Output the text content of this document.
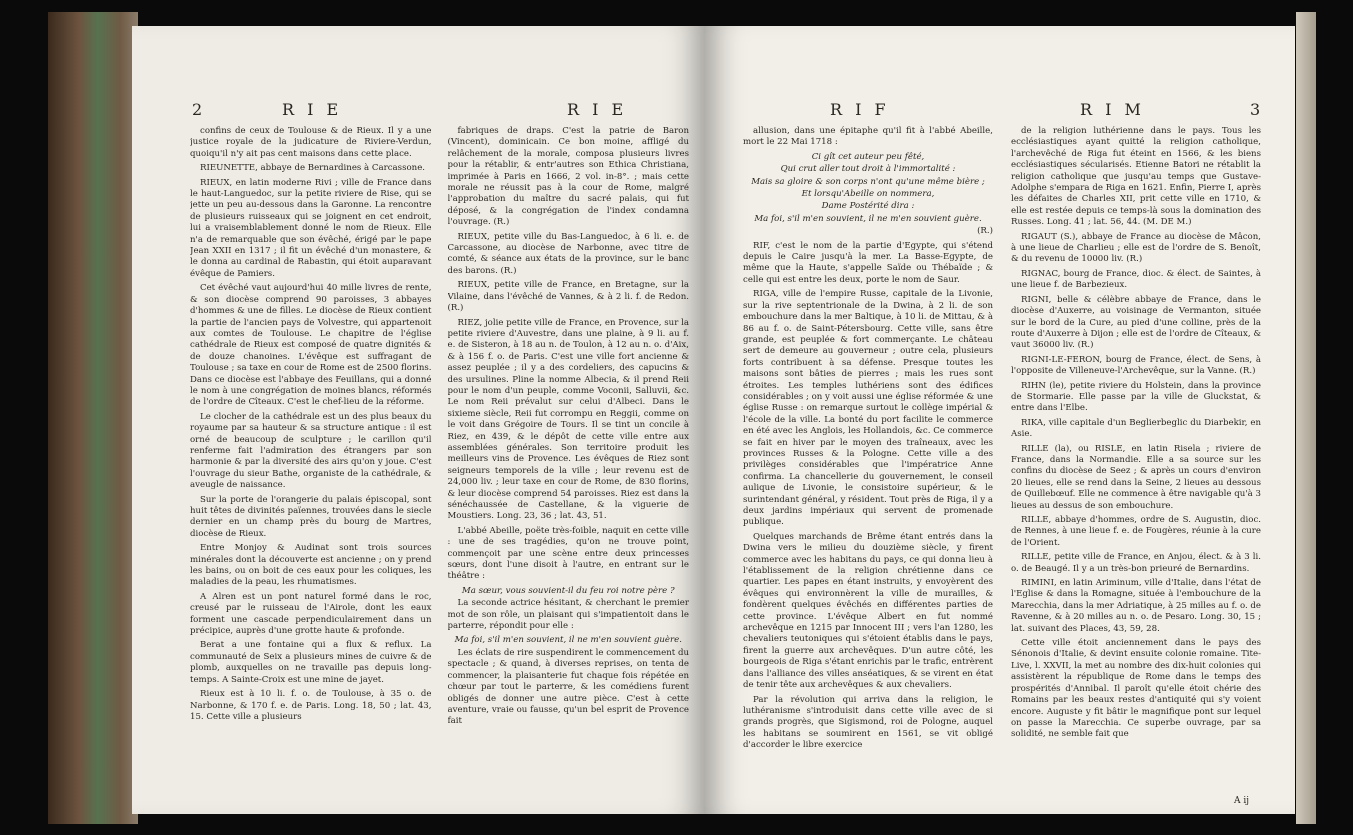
2	R I E	R I E

confins de ceux de Toulouse & de Rieux. Il y a une justice royale de la judicature de Riviere-Verdun, quoiqu'il n'y ait pas cent maisons dans cette place.

RIEUNETTE, abbaye de Bernardines à Carcassone.

RIEUX, en latin moderne Rivi ; ville de France dans le haut-Languedoc, sur la petite riviere de Rise, qui se jette un peu au-dessous dans la Garonne. La rencontre de plusieurs ruisseaux qui se joignent en cet endroit, lui a vraisemblablement donné le nom de Rieux. Elle n'a de remarquable que son évêché, érigé par le pape Jean XXII en 1317 ; il fit un évêché d'un monastere, & le donna au cardinal de Rabastin, qui étoit auparavant évêque de Pamiers.

Cet évêché vaut aujourd'hui 40 mille livres de rente, & son diocèse comprend 90 paroisses, 3 abbayes d'hommes & une de filles. Le diocèse de Rieux contient la partie de l'ancien pays de Volvestre, qui appartenoit aux comtes de Toulouse. Le chapitre de l'église cathédrale de Rieux est composé de quatre dignités & de douze chanoines. L'évêque est suffragant de Toulouse ; sa taxe en cour de Rome est de 2500 florins. Dans ce diocèse est l'abbaye des Feuillans, qui a donné le nom à une congrégation de moines blancs, réformés de l'ordre de Cîteaux. C'est le chef-lieu de la réforme.

Le clocher de la cathédrale est un des plus beaux du royaume par sa hauteur & sa structure antique : il est orné de beaucoup de sculpture ; le carillon qu'il renferme fait l'admiration des étrangers par son harmonie & par la diversité des airs qu'on y joue. C'est l'ouvrage du sieur Bathe, organiste de la cathédrale, & aveugle de naissance.

Sur la porte de l'orangerie du palais épiscopal, sont huit têtes de divinités païennes, trouvées dans le siecle dernier en un champ près du bourg de Martres, diocèse de Rieux.

Entre Monjoy & Audinat sont trois sources minérales dont la découverte est ancienne ; on y prend les bains, ou on boit de ces eaux pour les coliques, les maladies de la peau, les rhumatismes.

A Alren est un pont naturel formé dans le roc, creusé par le ruisseau de l'Airole, dont les eaux forment une cascade perpendiculairement dans un précipice, auprès d'une grotte haute & profonde.

Berat a une fontaine qui a flux & reflux. La communauté de Seix a plusieurs mines de cuivre & de plomb, auxquelles on ne travaille pas depuis long-temps. A Sainte-Croix est une mine de jayet.

Rieux est à 10 li. f. o. de Toulouse, à 35 o. de Narbonne, & 170 f. e. de Paris. Long. 18, 50 ; lat. 43, 15. Cette ville a plusieurs

fabriques de draps. C'est la patrie de Baron (Vincent), dominicain. Ce bon moine, affligé du relâchement de la morale, composa plusieurs livres pour la rétablir, & entr'autres son Ethica Christiana, imprimée à Paris en 1666, 2 vol. in-8°. ; mais cette morale ne réussit pas à la cour de Rome, malgré l'approbation du maître du sacré palais, qui fut déposé, & la congrégation de l'index condamna l'ouvrage. (R.)

RIEUX, petite ville du Bas-Languedoc, à 6 li. e. de Carcassone, au diocèse de Narbonne, avec titre de comté, & séance aux états de la province, sur le banc des barons. (R.)

RIEUX, petite ville de France, en Bretagne, sur la Vilaine, dans l'évêché de Vannes, & à 2 li. f. de Redon. (R.)

RIEZ, jolie petite ville de France, en Provence, sur la petite riviere d'Auvestre, dans une plaine, à 9 li. au f. e. de Sisteron, à 18 au n. de Toulon, à 12 au n. o. d'Aix, & à 156 f. o. de Paris. C'est une ville fort ancienne & assez peuplée ; il y a des cordeliers, des capucins & des ursulines. Pline la nomme Albecia, & il prend Reii pour le nom d'un peuple, comme Voconii, Salluvii, &c. Le nom Reii prévalut sur celui d'Albeci. Dans le sixieme siècle, Reii fut corrompu en Reggii, comme on le voit dans Grégoire de Tours. Il se tint un concile à Riez, en 439, & le dépôt de cette ville entre aux assemblées générales. Son territoire produit les meilleurs vins de Provence. Les évêques de Riez sont seigneurs temporels de la ville ; leur revenu est de 24,000 liv. ; leur taxe en cour de Rome, de 830 florins, & leur diocèse comprend 54 paroisses. Riez est dans la sénéchaussée de Castellane, & la viguerie de Moustiers. Long. 23, 36 ; lat. 43, 51.

L'abbé Abeille, poëte très-foible, naquit en cette ville : une de ses tragédies, qu'on ne trouve point, commençoit par une scène entre deux princesses sœurs, dont l'une disoit à l'autre, en entrant sur le théâtre :

Ma sœur, vous souvient-il du feu roi notre père ?

La seconde actrice hésitant, & cherchant le premier mot de son rôle, un plaisant qui s'impatientoit dans le parterre, répondit pour elle :

Ma foi, s'il m'en souvient, il ne m'en souvient guère.

Les éclats de rire suspendirent le commencement du spectacle ; & quand, à diverses reprises, on tenta de commencer, la plaisanterie fut chaque fois répétée en chœur par tout le parterre, & les comédiens furent obligés de donner une autre pièce. C'est à cette aventure, vraie ou fausse, qu'un bel esprit de Provence fait

R I F	R I M	3

allusion, dans une épitaphe qu'il fit à l'abbé Abeille, mort le 22 Mai 1718 :

Ci gît cet auteur peu fêté,

Qui crut aller tout droit à l'immortalité :

Mais sa gloire & son corps n'ont qu'une même bière ;

Et lorsqu'Abeille on nommera,

Dame Postérité dira :

Ma foi, s'il m'en souvient, il ne m'en souvient guère.

(R.)

RIF, c'est le nom de la partie d'Egypte, qui s'étend depuis le Caire jusqu'à la mer. La Basse-Egypte, de même que la Haute, s'appelle Saïde ou Thébaïde ; & celle qui est entre les deux, porte le nom de Saur.

RIGA, ville de l'empire Russe, capitale de la Livonie, sur la rive septentrionale de la Dwina, à 2 li. de son embouchure dans la mer Baltique, à 10 li. de Mittau, & à 86 au f. o. de Saint-Pétersbourg. Cette ville, sans être grande, est peuplée & fort commerçante. Le château sert de demeure au gouverneur ; outre cela, plusieurs forts contribuent à sa défense. Presque toutes les maisons sont bâties de pierres ; mais les rues sont étroites. Les temples luthériens sont des édifices considérables ; on y voit aussi une église réformée & une église Russe : on remarque surtout le collège impérial & l'école de la ville. La bonté du port facilite le commerce en été avec les Anglois, les Hollandois, &c. Ce commerce se fait en hiver par le moyen des traîneaux, avec les provinces Russes & la Pologne. Cette ville a des privilèges considérables que l'impératrice Anne confirma. La chancellerie du gouvernement, le conseil aulique de Livonie, le consistoire supérieur, & le surintendant général, y résident. Tout près de Riga, il y a deux jardins impériaux qui servent de promenade publique.

Quelques marchands de Brême étant entrés dans la Dwina vers le milieu du douzième siècle, y firent commerce avec les habitans du pays, ce qui donna lieu à l'établissement de la religion chrétienne dans ce quartier. Les papes en étant instruits, y envoyèrent des évêques qui environnèrent la ville de murailles, & fondèrent quelques évêchés en différentes parties de cette province. L'évêque Albert en fut nommé archevêque en 1215 par Innocent III ; vers l'an 1280, les chevaliers teutoniques qui s'étoient établis dans le pays, firent la guerre aux archevêques. D'un autre côté, les bourgeois de Riga s'étant enrichis par le trafic, entrèrent dans l'alliance des villes anséatiques, & se virent en état de tenir tête aux archevêques & aux chevaliers.

Par la révolution qui arriva dans la religion, le luthéranisme s'introduisit dans cette ville avec de si grands progrès, que Sigismond, roi de Pologne, auquel les habitans se soumirent en 1561, se vit obligé d'accorder le libre exercice

de la religion luthérienne dans le pays. Tous les ecclésiastiques ayant quitté la religion catholique, l'archevêché de Riga fut éteint en 1566, & les biens ecclésiastiques sécularisés. Etienne Batori ne rétablit la religion catholique que jusqu'au temps que Gustave-Adolphe s'empara de Riga en 1621. Enfin, Pierre I, après les défaites de Charles XII, prit cette ville en 1710, & elle est restée depuis ce temps-là sous la domination des Russes. Long. 41 ; lat. 56, 44. (M. DE M.)

RIGAUT (S.), abbaye de France au diocèse de Mâcon, à une lieue de Charlieu ; elle est de l'ordre de S. Benoît, & du revenu de 10000 liv. (R.)

RIGNAC, bourg de France, dioc. & élect. de Saintes, à une lieue f. de Barbezieux.

RIGNI, belle & célèbre abbaye de France, dans le diocèse d'Auxerre, au voisinage de Vermanton, située sur le bord de la Cure, au pied d'une colline, près de la route d'Auxerre à Dijon ; elle est de l'ordre de Cîteaux, & vaut 36000 liv. (R.)

RIGNI-LE-FERON, bourg de France, élect. de Sens, à l'opposite de Villeneuve-l'Archevêque, sur la Vanne. (R.)

RIHN (le), petite riviere du Holstein, dans la province de Stormarie. Elle passe par la ville de Gluckstat, & entre dans l'Elbe.

RIKA, ville capitale d'un Beglierbeglic du Diarbekir, en Asie.

RILLE (la), ou RISLE, en latin Risela ; riviere de France, dans la Normandie. Elle a sa source sur les confins du diocèse de Seez ; & après un cours d'environ 20 lieues, elle se rend dans la Seine, 2 lieues au dessous de Quillebœuf. Elle ne commence à être navigable qu'à 3 lieues au dessus de son embouchure.

RILLE, abbaye d'hommes, ordre de S. Augustin, dioc. de Rennes, à une lieue f. e. de Fougères, réunie à la cure de l'Orient.

RILLE, petite ville de France, en Anjou, élect. & à 3 li. o. de Beaugé. Il y a un très-bon prieuré de Bernardins.

RIMINI, en latin Ariminum, ville d'Italie, dans l'état de l'Eglise & dans la Romagne, située à l'embouchure de la Marecchia, dans la mer Adriatique, à 25 milles au f. o. de Ravenne, & à 20 milles au n. o. de Pesaro. Long. 30, 15 ; lat. suivant des Places, 43, 59, 28.

Cette ville étoit anciennement dans le pays des Sénonois d'Italie, & devint ensuite colonie romaine. Tite-Live, l. XXVII, la met au nombre des dix-huit colonies qui assistèrent la république de Rome dans le temps des prospérités d'Annibal. Il paroît qu'elle étoit chérie des Romains par les beaux restes d'antiquité qui s'y voient encore. Auguste y fit bâtir le magnifique pont sur lequel on passe la Marecchia. Ce superbe ouvrage, par sa solidité, ne semble fait que

A ij
